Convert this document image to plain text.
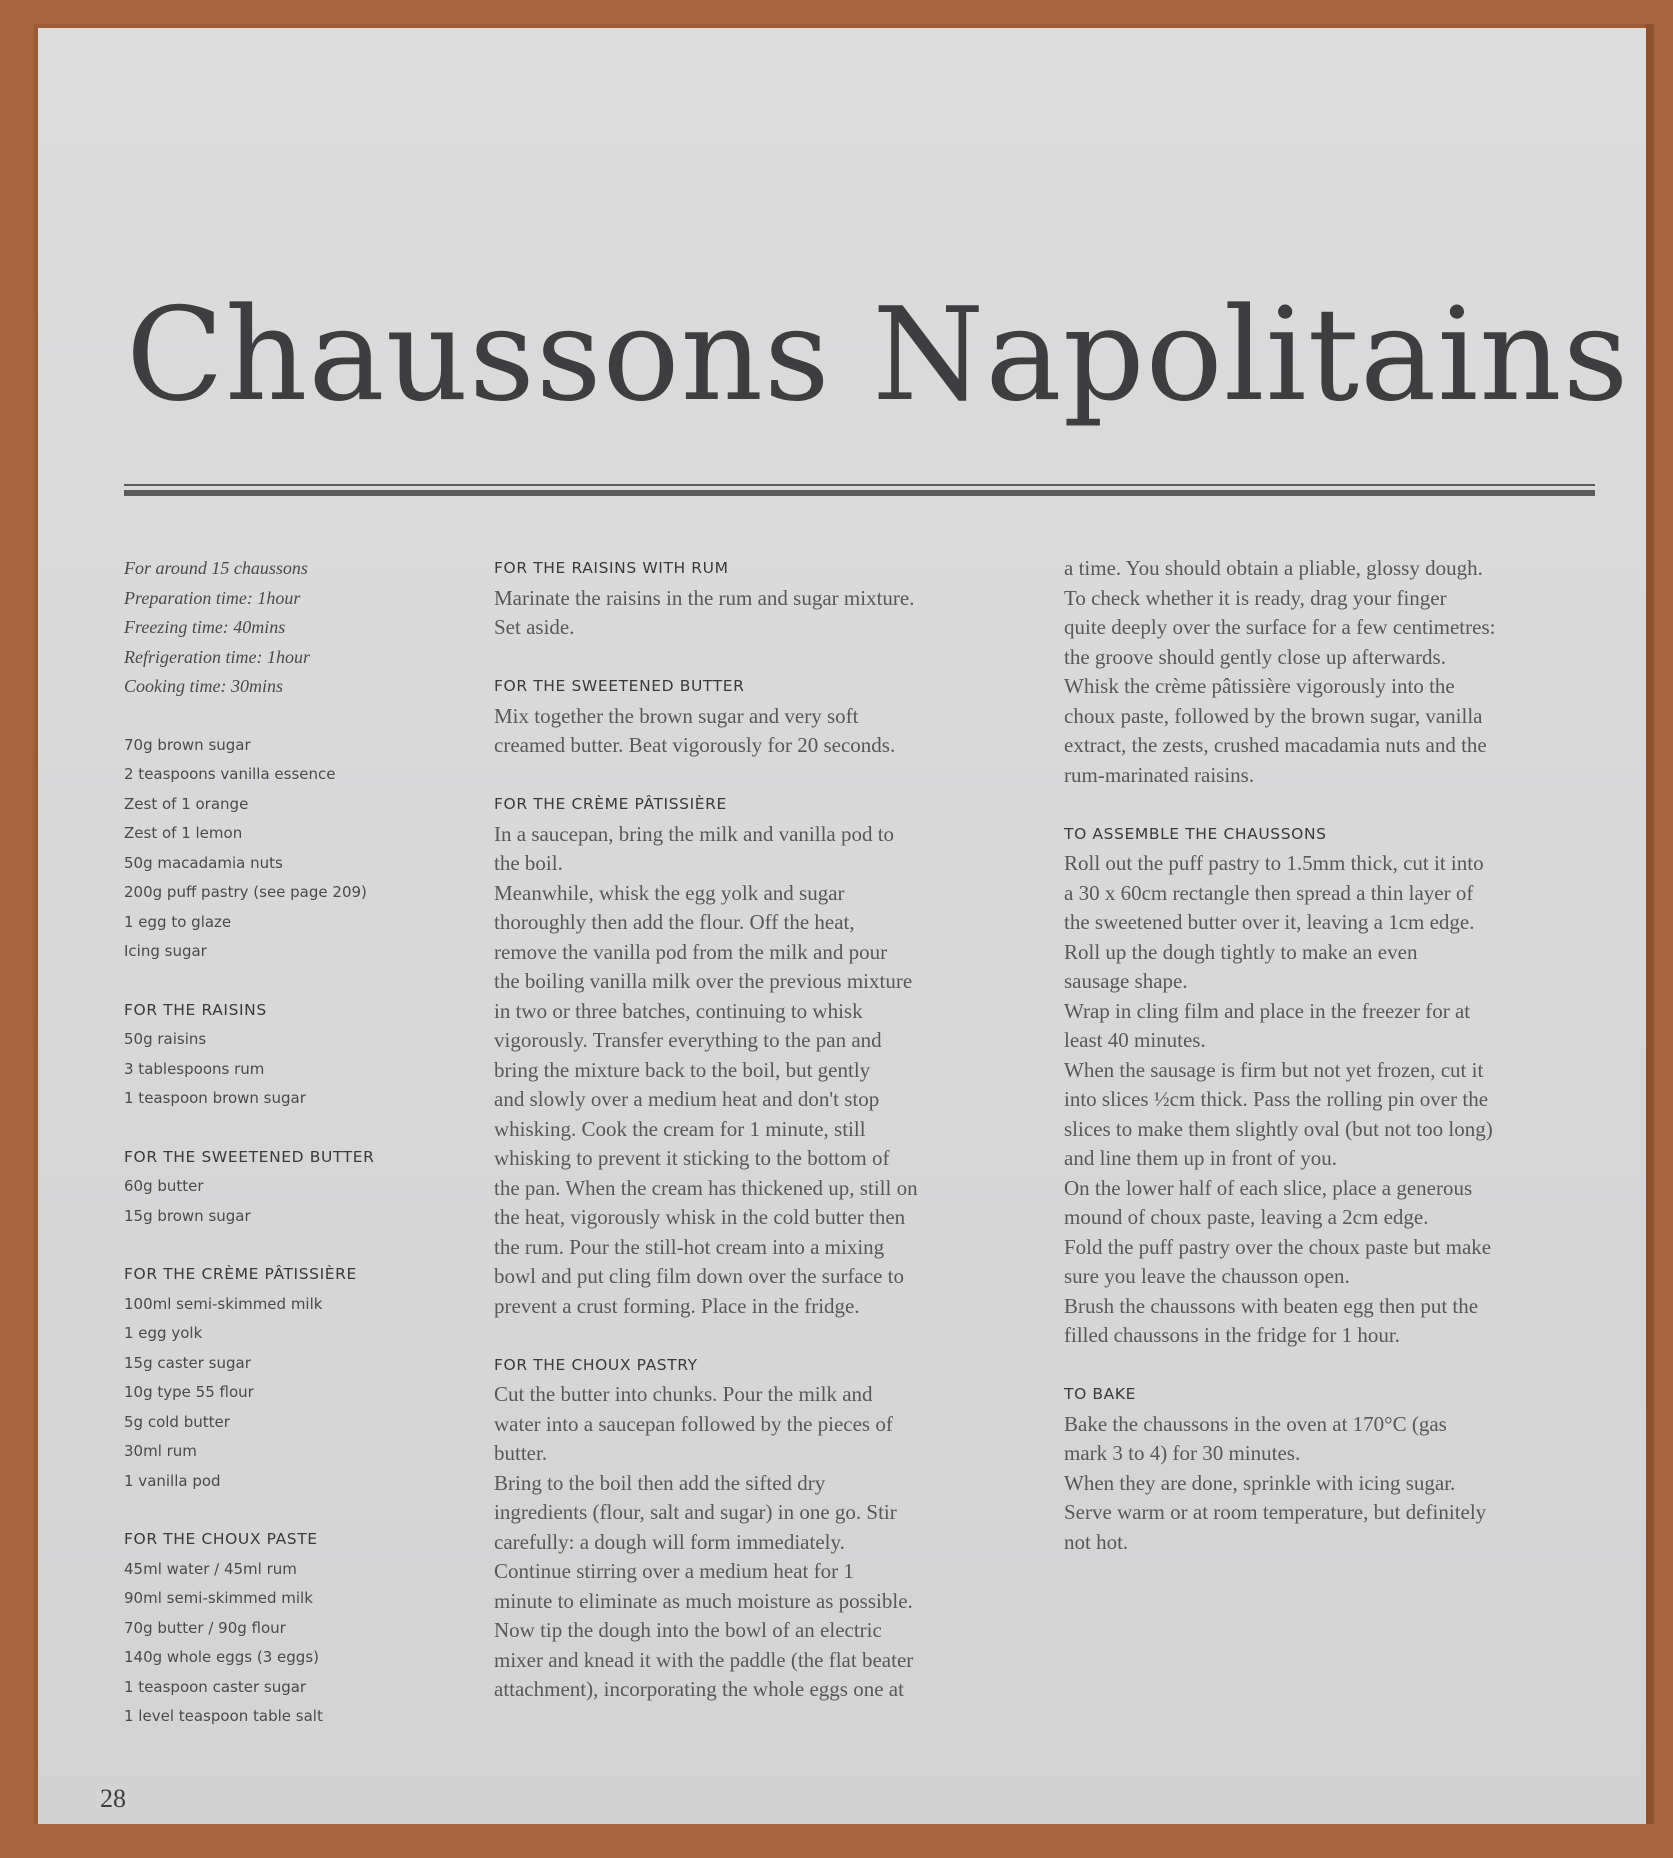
Chaussons Napolitains
For around 15 chaussons
Preparation time: 1hour
Freezing time: 40mins
Refrigeration time: 1hour
Cooking time: 30mins
70g brown sugar
2 teaspoons vanilla essence
Zest of 1 orange
Zest of 1 lemon
50g macadamia nuts
200g puff pastry (see page 209)
1 egg to glaze
Icing sugar
FOR THE RAISINS
50g raisins
3 tablespoons rum
1 teaspoon brown sugar
FOR THE SWEETENED BUTTER
60g butter
15g brown sugar
FOR THE CRÈME PÂTISSIÈRE
100ml semi-skimmed milk
1 egg yolk
15g caster sugar
10g type 55 flour
5g cold butter
30ml rum
1 vanilla pod
FOR THE CHOUX PASTE
45ml water / 45ml rum
90ml semi-skimmed milk
70g butter / 90g flour
140g whole eggs (3 eggs)
1 teaspoon caster sugar
1 level teaspoon table salt
FOR THE RAISINS WITH RUM
Marinate the raisins in the rum and sugar mixture.
Set aside.
FOR THE SWEETENED BUTTER
Mix together the brown sugar and very soft
creamed butter. Beat vigorously for 20 seconds.
FOR THE CRÈME PÂTISSIÈRE
In a saucepan, bring the milk and vanilla pod to
the boil.
Meanwhile, whisk the egg yolk and sugar
thoroughly then add the flour. Off the heat,
remove the vanilla pod from the milk and pour
the boiling vanilla milk over the previous mixture
in two or three batches, continuing to whisk
vigorously. Transfer everything to the pan and
bring the mixture back to the boil, but gently
and slowly over a medium heat and don't stop
whisking. Cook the cream for 1 minute, still
whisking to prevent it sticking to the bottom of
the pan. When the cream has thickened up, still on
the heat, vigorously whisk in the cold butter then
the rum. Pour the still-hot cream into a mixing
bowl and put cling film down over the surface to
prevent a crust forming. Place in the fridge.
FOR THE CHOUX PASTRY
Cut the butter into chunks. Pour the milk and
water into a saucepan followed by the pieces of
butter.
Bring to the boil then add the sifted dry
ingredients (flour, salt and sugar) in one go. Stir
carefully: a dough will form immediately.
Continue stirring over a medium heat for 1
minute to eliminate as much moisture as possible.
Now tip the dough into the bowl of an electric
mixer and knead it with the paddle (the flat beater
attachment), incorporating the whole eggs one at
a time. You should obtain a pliable, glossy dough.
To check whether it is ready, drag your finger
quite deeply over the surface for a few centimetres:
the groove should gently close up afterwards.
Whisk the crème pâtissière vigorously into the
choux paste, followed by the brown sugar, vanilla
extract, the zests, crushed macadamia nuts and the
rum-marinated raisins.
TO ASSEMBLE THE CHAUSSONS
Roll out the puff pastry to 1.5mm thick, cut it into
a 30 x 60cm rectangle then spread a thin layer of
the sweetened butter over it, leaving a 1cm edge.
Roll up the dough tightly to make an even
sausage shape.
Wrap in cling film and place in the freezer for at
least 40 minutes.
When the sausage is firm but not yet frozen, cut it
into slices ½cm thick. Pass the rolling pin over the
slices to make them slightly oval (but not too long)
and line them up in front of you.
On the lower half of each slice, place a generous
mound of choux paste, leaving a 2cm edge.
Fold the puff pastry over the choux paste but make
sure you leave the chausson open.
Brush the chaussons with beaten egg then put the
filled chaussons in the fridge for 1 hour.
TO BAKE
Bake the chaussons in the oven at 170°C (gas
mark 3 to 4) for 30 minutes.
When they are done, sprinkle with icing sugar.
Serve warm or at room temperature, but definitely
not hot.
28
